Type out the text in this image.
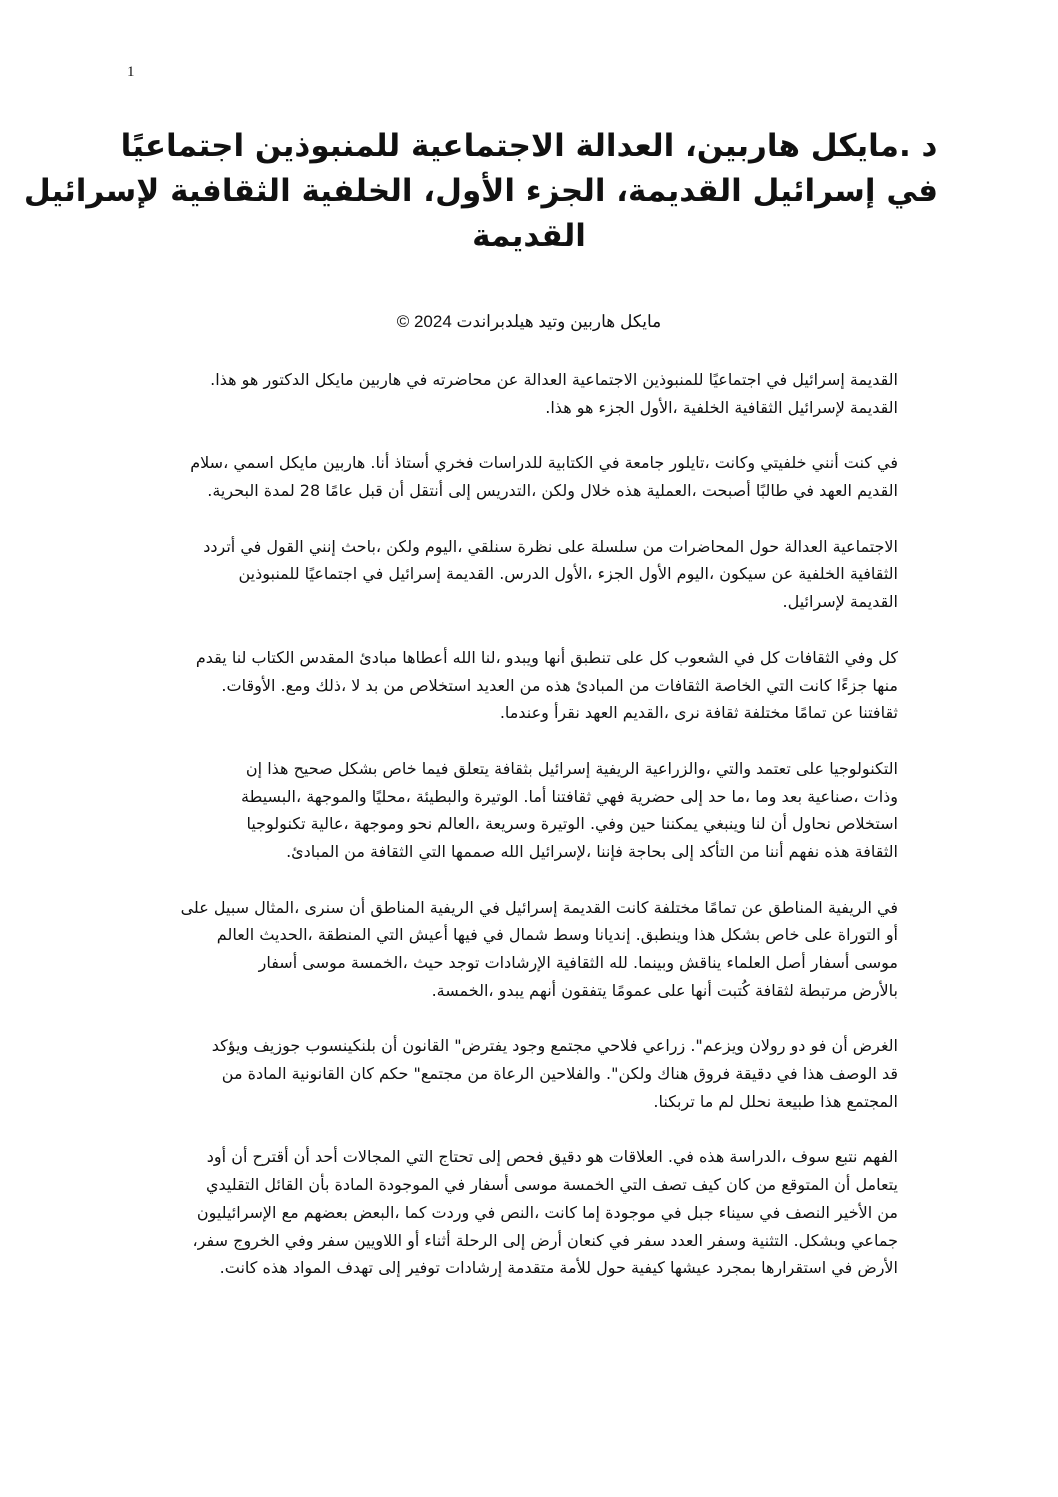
1
د .مايكل هاربين، العدالة الاجتماعية للمنبوذين اجتماعيًا
في إسرائيل القديمة، الجزء الأول، الخلفية الثقافية لإسرائيل
القديمة
مايكل هاربين وتيد هيلدبراندت 2024 ©
.هذا هو الدكتور مايكل هاربين في محاضرته عن العدالة الاجتماعية للمنبوذين اجتماعيًا في إسرائيل القديمة
.هذا هو الجزء الأول، الخلفية الثقافية لإسرائيل القديمة
سلام، اسمي مايكل هاربين .أنا أستاذ فخري للدراسات الكتابية في جامعة تايلور، وكانت خلفيتي أنني كنت في
.البحرية لمدة 28 عامًا قبل أن أنتقل إلى التدريس، ولكن خلال هذه العملية، أصبحت طالبًا في العهد القديم
أتردد في القول إنني باحث، ولكن اليوم، سنلقي نظرة على سلسلة من المحاضرات حول العدالة الاجتماعية
للمنبوذين اجتماعيًا في إسرائيل القديمة .الدرس الأول، الجزء الأول اليوم، سيكون عن الخلفية الثقافية
.لإسرائيل القديمة
يقدم لنا الكتاب المقدس مبادئ أعطاها الله لنا، ويبدو أنها تنطبق على كل الشعوب في كل الثقافات وفي كل
.الأوقات .ومع ذلك، لا بد من استخلاص العديد من هذه المبادئ من الثقافات الخاصة التي كانت جزءًا منها
.وعندما نقرأ العهد القديم، نرى ثقافة مختلفة تمامًا عن ثقافتنا
إن هذا صحيح بشكل خاص فيما يتعلق بثقافة إسرائيل الريفية والزراعية، والتي تعتمد على التكنولوجيا
البسيطة، والموجهة محليًا، والبطيئة الوتيرة .أما ثقافتنا فهي حضرية إلى حد ما، وما بعد صناعية، وذات
تكنولوجيا عالية، وموجهة نحو العالم، وسريعة الوتيرة .وفي حين يمكننا وينبغي لنا أن نحاول استخلاص
.المبادئ من الثقافة التي صممها الله لإسرائيل، فإننا بحاجة إلى التأكد من أننا نفهم هذه الثقافة
على سبيل المثال، سنرى أن المناطق الريفية في إسرائيل القديمة كانت مختلفة تمامًا عن المناطق الريفية في
العالم الحديث، المنطقة التي أعيش فيها في شمال وسط إنديانا .وينطبق هذا بشكل خاص على التوراة أو
أسفار موسى الخمسة، حيث توجد الإرشادات الثقافية لله .وبينما يناقش العلماء أصل أسفار موسى
.الخمسة، يبدو أنهم يتفقون عمومًا على أنها كُتبت لثقافة مرتبطة بالأرض
ويؤكد جوزيف بلنكينسوب أن القانون "يفترض وجود مجتمع فلاحي زراعي ."ويزعم رولان دو فو أن الغرض
من المادة القانونية كان حكم "مجتمع من الرعاة والفلاحين ."ولكن هناك فروق دقيقة في هذا الوصف قد
.تربكنا ما لم نحلل طبيعة هذا المجتمع
أود أن أقترح أن أحد المجالات التي تحتاج إلى فحص دقيق هو العلاقات .في هذه الدراسة، سوف نتبع الفهم
التقليدي القائل بأن المادة الموجودة في أسفار موسى الخمسة التي تصف كيف كان من المتوقع أن يتعامل
الإسرائيليون مع بعضهم البعض، كما وردت في النص، كانت إما موجودة في جبل سيناء في النصف الأخير من
،سفر الخروج وفي سفر اللاويين أو أثناء الرحلة إلى أرض كنعان في سفر العدد وسفر التثنية .وبشكل جماعي
.كانت هذه المواد تهدف إلى توفير إرشادات متقدمة للأمة حول كيفية عيشها بمجرد استقرارها في الأرض
